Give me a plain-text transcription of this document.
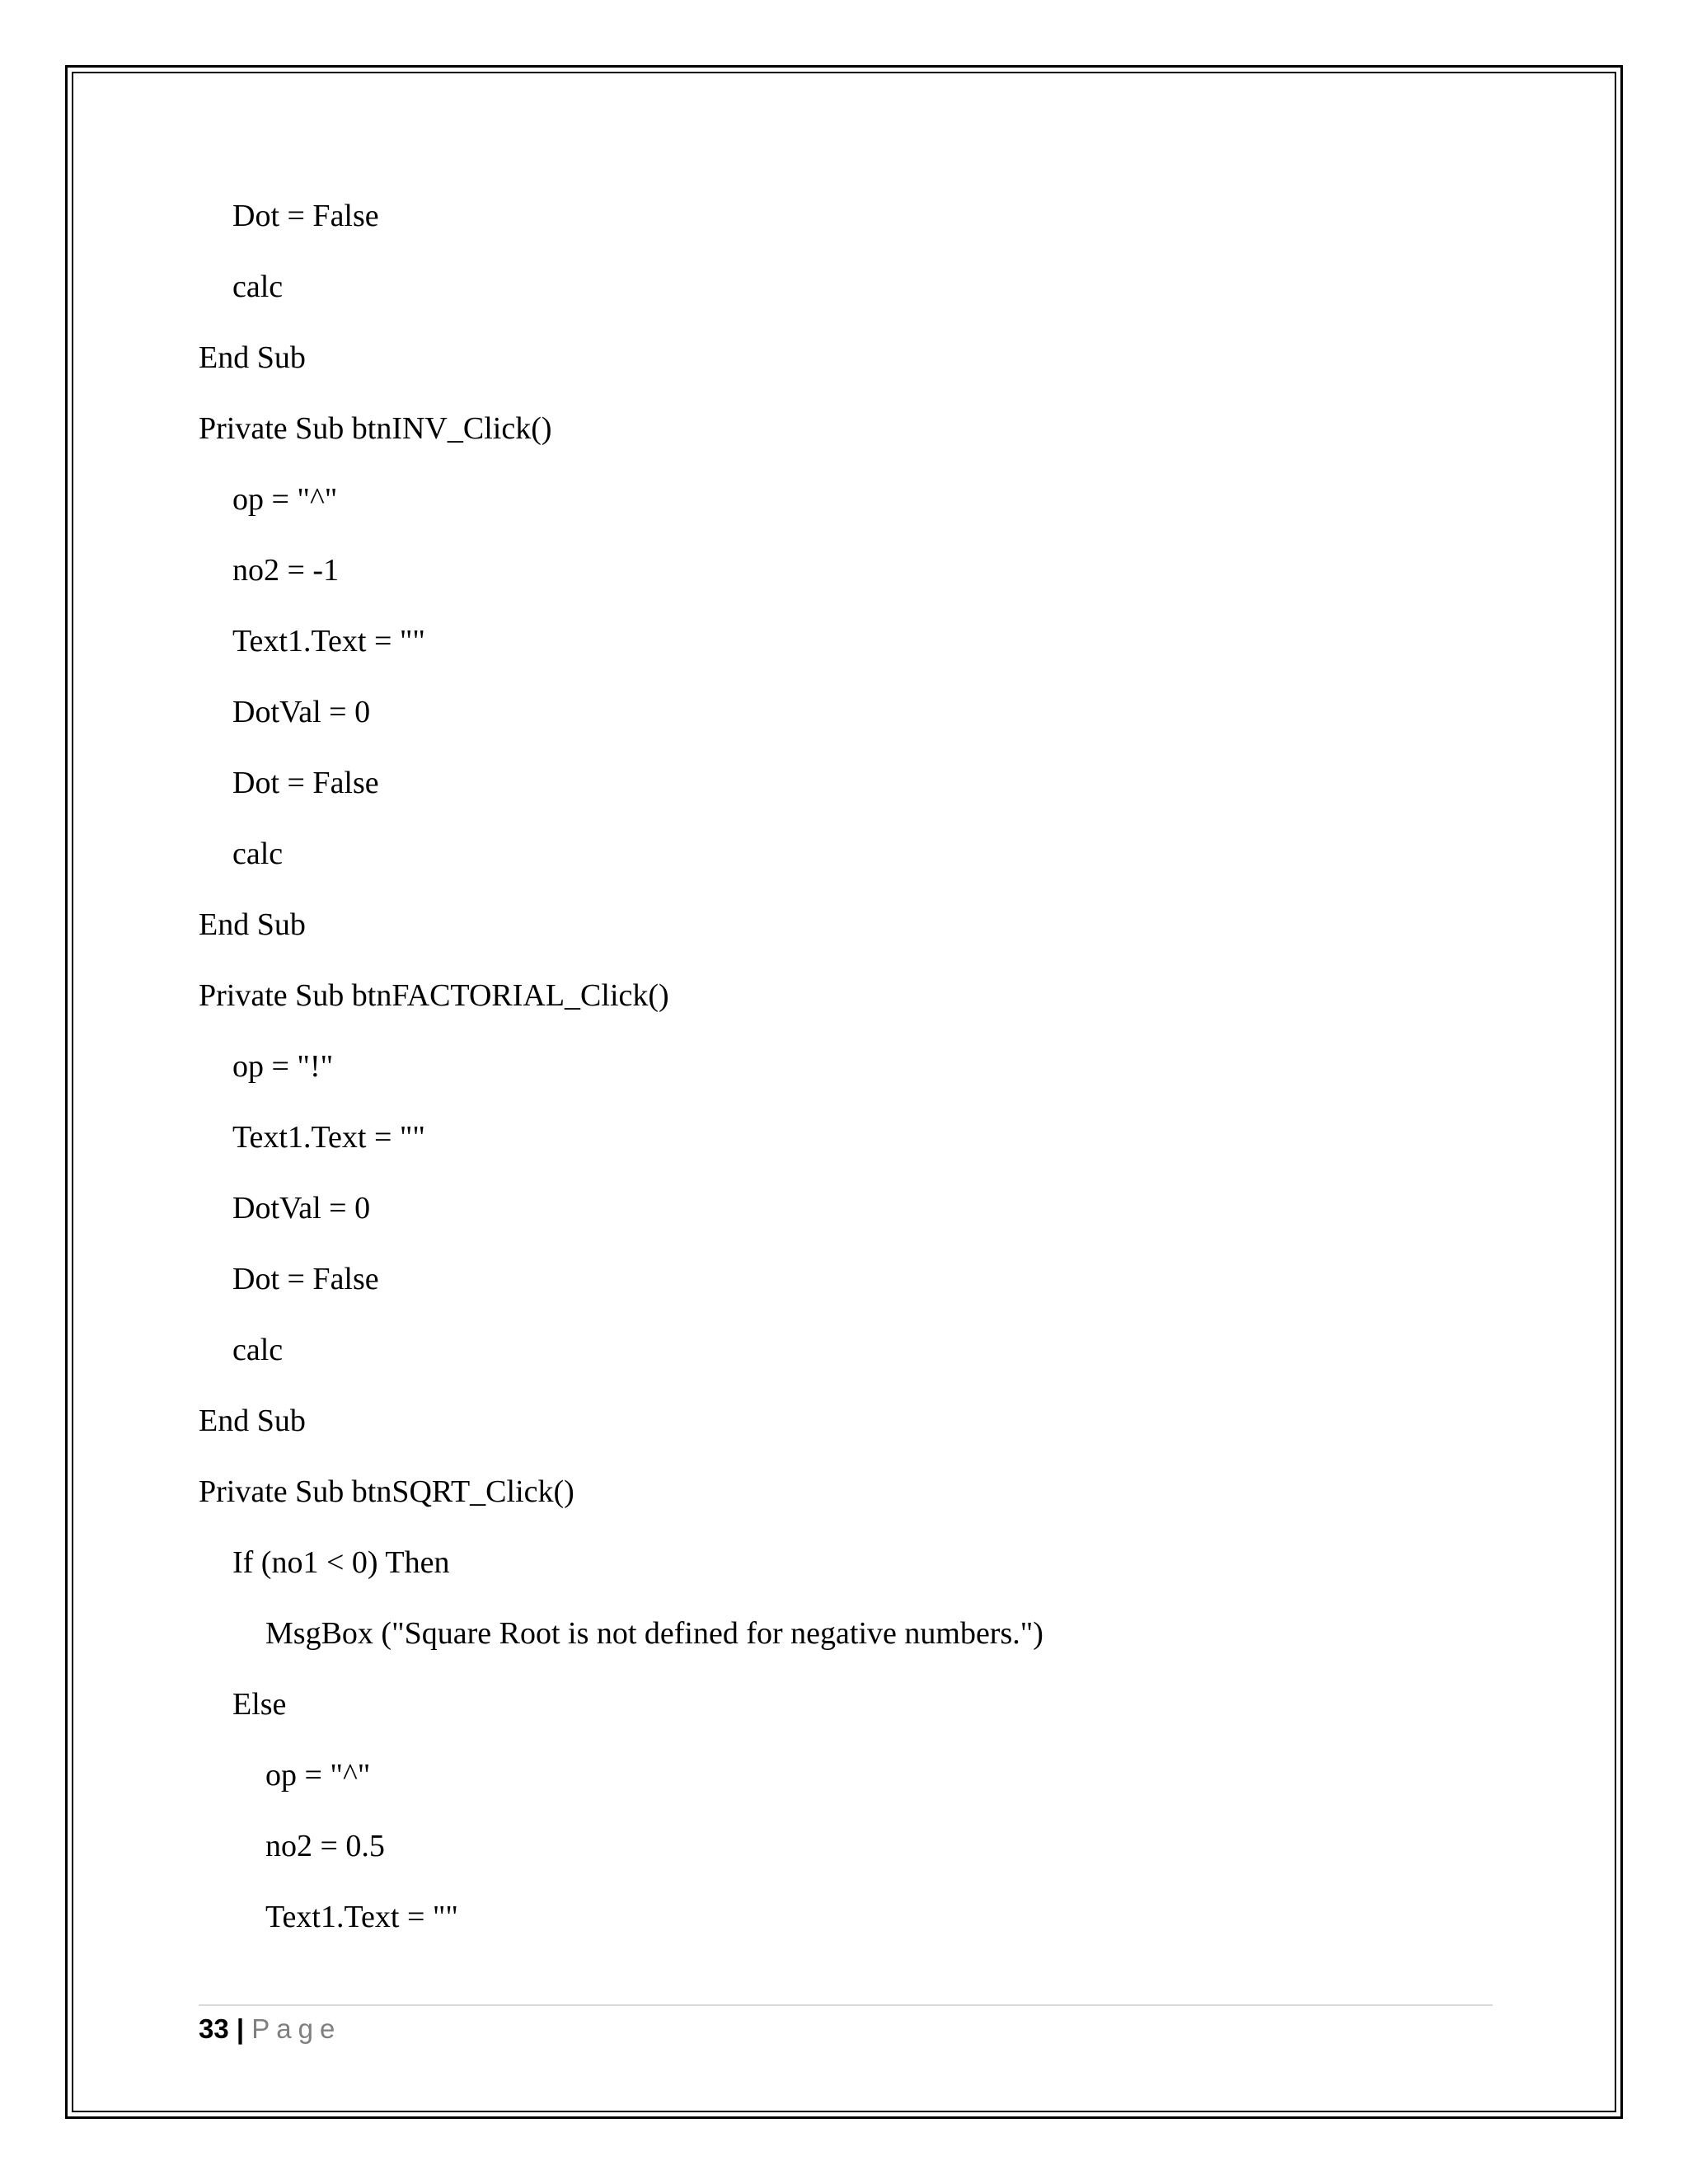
Dot = False

calc

End Sub

Private Sub btnINV_Click()

op = "^"

no2 = -1

Text1.Text = ""

DotVal = 0

Dot = False

calc

End Sub

Private Sub btnFACTORIAL_Click()

op = "!"

Text1.Text = ""

DotVal = 0

Dot = False

calc

End Sub

Private Sub btnSQRT_Click()

If (no1 < 0) Then

MsgBox ("Square Root is not defined for negative numbers.")

Else

op = "^"

no2 = 0.5

Text1.Text = ""

33 | Page
